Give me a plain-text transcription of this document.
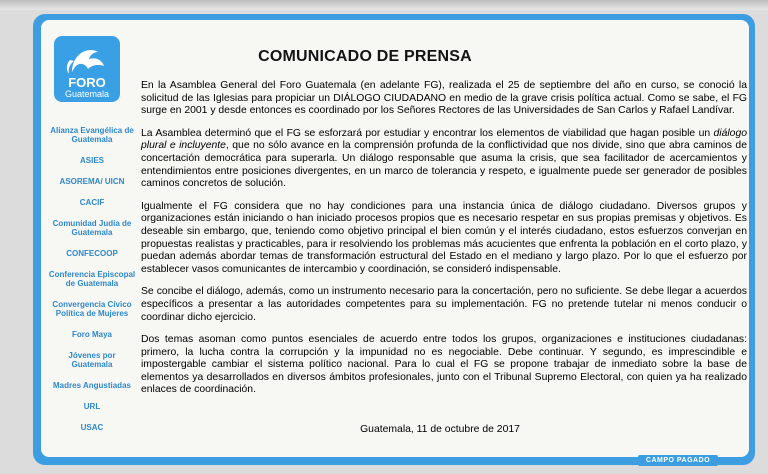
FORO
Guatemala
Alianza Evangélica de Guatemala
ASIES
ASOREMA/ UICN
CACIF
Comunidad Judía de Guatemala
CONFECOOP
Conferencia Episcopal de Guatemala
Convergencia Cívico Política de Mujeres
Foro Maya
Jóvenes por Guatemala
Madres Angustiadas
URL
USAC
COMUNICADO DE PRENSA

En la Asamblea General del Foro Guatemala (en adelante FG), realizada el 25 de septiembre del año en curso, se conoció la solicitud de las Iglesias para propiciar un DIÁLOGO CIUDADANO en medio de la grave crisis política actual. Como se sabe, el FG surge en 2001 y desde entonces es coordinado por los Señores Rectores de las Universidades de San Carlos y Rafael Landívar.

La Asamblea determinó que el FG se esforzará por estudiar y encontrar los elementos de viabilidad que hagan posible un diálogo plural e incluyente, que no sólo avance en la comprensión profunda de la conflictividad que nos divide, sino que abra caminos de concertación democrática para superarla. Un diálogo responsable que asuma la crisis, que sea facilitador de acercamientos y entendimientos entre posiciones divergentes, en un marco de tolerancia y respeto, e igualmente puede ser generador de posibles caminos concretos de solución.

Igualmente el FG considera que no hay condiciones para una instancia única de diálogo ciudadano. Diversos grupos y organizaciones están iniciando o han iniciado procesos propios que es necesario respetar en sus propias premisas y objetivos. Es deseable sin embargo, que, teniendo como objetivo principal el bien común y el interés ciudadano, estos esfuerzos converjan en propuestas realistas y practicables, para ir resolviendo los problemas más acucientes que enfrenta la población en el corto plazo, y puedan además abordar temas de transformación estructural del Estado en el mediano y largo plazo. Por lo que el esfuerzo por establecer vasos comunicantes de intercambio y coordinación, se consideró indispensable.

Se concibe el diálogo, además, como un instrumento necesario para la concertación, pero no suficiente. Se debe llegar a acuerdos específicos a presentar a las autoridades competentes para su implementación. FG no pretende tutelar ni menos conducir o coordinar dicho ejercicio.

Dos temas asoman como puntos esenciales de acuerdo entre todos los grupos, organizaciones e instituciones ciudadanas: primero, la lucha contra la corrupción y la impunidad no es negociable. Debe continuar. Y segundo, es imprescindible e impostergable cambiar el sistema político nacional. Para lo cual el FG se propone trabajar de inmediato sobre la base de elementos ya desarrollados en diversos ámbitos profesionales, junto con el Tribunal Supremo Electoral, con quien ya ha realizado enlaces de coordinación.

Guatemala, 11 de octubre de 2017
CAMPO PAGADO
